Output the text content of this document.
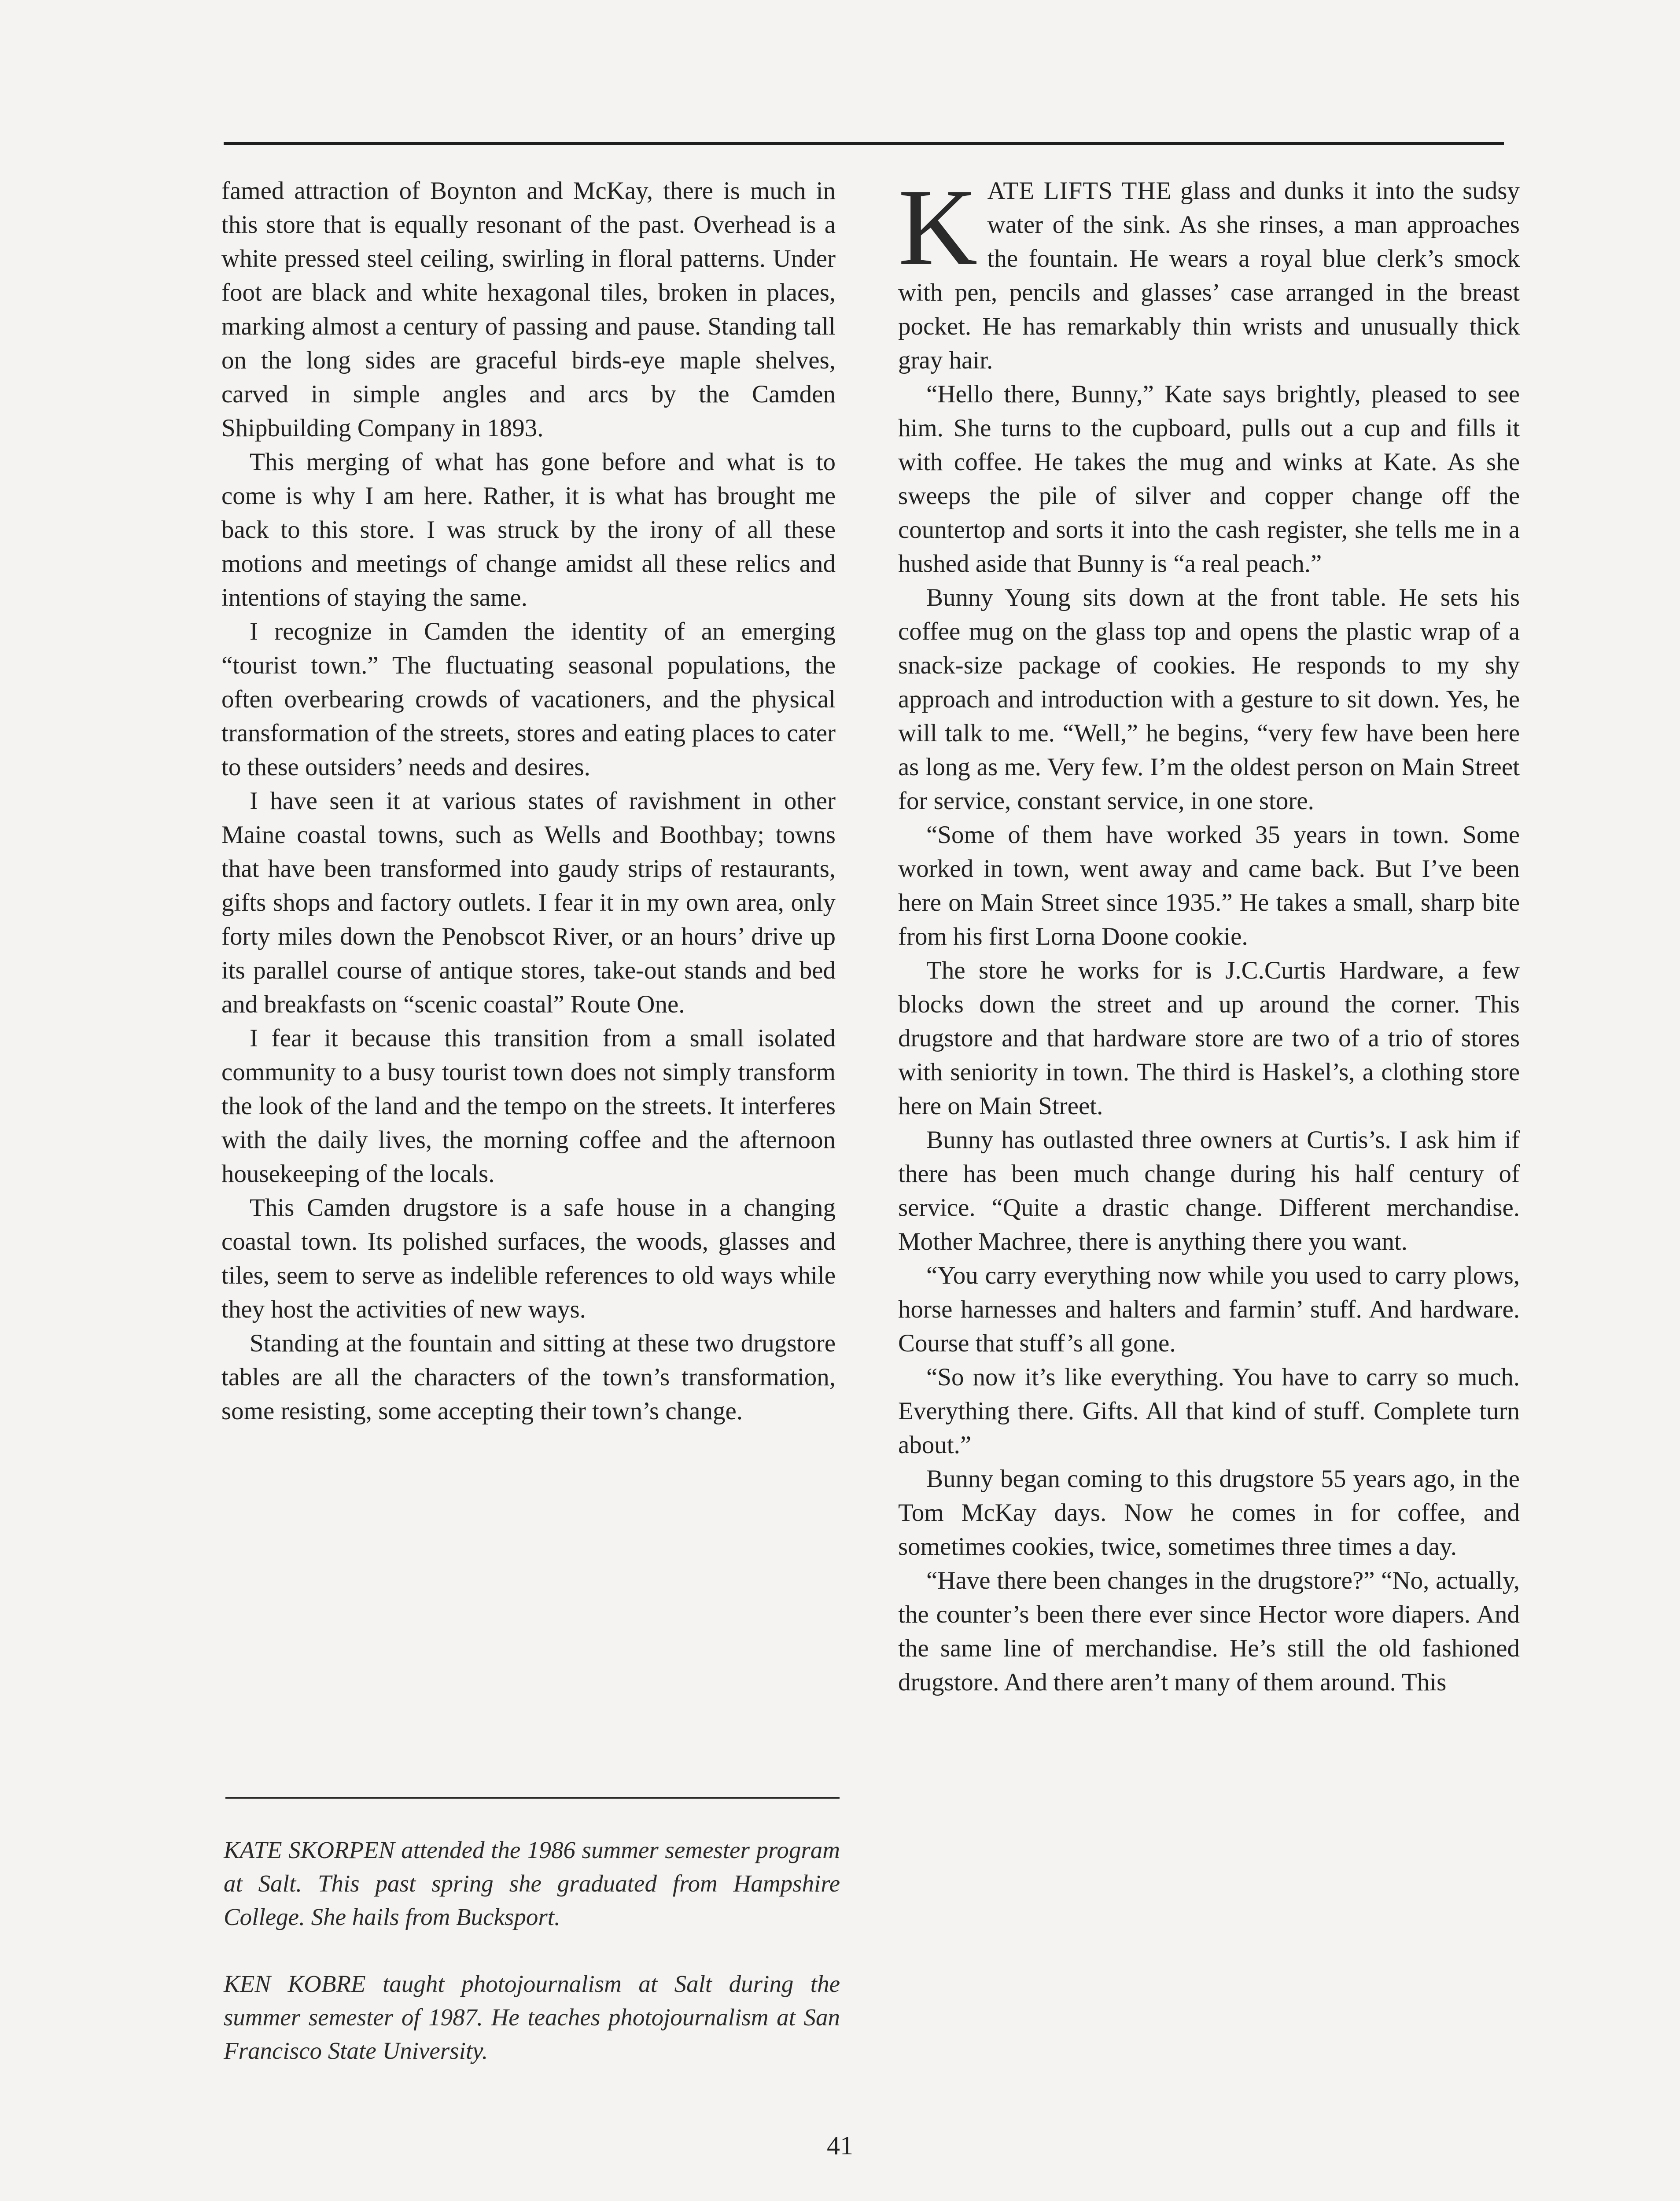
famed attraction of Boynton and McKay, there is much in this store that is equally resonant of the past. Overhead is a white pressed steel ceiling, swirling in floral patterns. Under foot are black and white hexagonal tiles, broken in places, marking almost a century of passing and pause. Standing tall on the long sides are graceful birds-eye maple shelves, carved in simple angles and arcs by the Camden Shipbuilding Company in 1893.

This merging of what has gone before and what is to come is why I am here. Rather, it is what has brought me back to this store. I was struck by the irony of all these motions and meetings of change amidst all these relics and intentions of staying the same.

I recognize in Camden the identity of an emerging “tourist town.” The fluctuating seasonal populations, the often overbearing crowds of vacationers, and the physical transformation of the streets, stores and eating places to cater to these outsiders’ needs and desires.

I have seen it at various states of ravishment in other Maine coastal towns, such as Wells and Boothbay; towns that have been transformed into gaudy strips of restaurants, gifts shops and factory outlets. I fear it in my own area, only forty miles down the Penobscot River, or an hours’ drive up its parallel course of antique stores, take-out stands and bed and breakfasts on “scenic coastal” Route One.

I fear it because this transition from a small isolated community to a busy tourist town does not simply transform the look of the land and the tempo on the streets. It interferes with the daily lives, the morning coffee and the afternoon housekeeping of the locals.

This Camden drugstore is a safe house in a changing coastal town. Its polished surfaces, the woods, glasses and tiles, seem to serve as indelible references to old ways while they host the activities of new ways.

Standing at the fountain and sitting at these two drugstore tables are all the characters of the town’s transformation, some resisting, some accepting their town’s change.

KATE SKORPEN attended the 1986 summer semester program at Salt. This past spring she graduated from Hampshire College. She hails from Bucksport.

KEN KOBRE taught photojournalism at Salt during the summer semester of 1987. He teaches photojournalism at San Francisco State University.

KATE LIFTS THE glass and dunks it into the sudsy water of the sink. As she rinses, a man approaches the fountain. He wears a royal blue clerk’s smock with pen, pencils and glasses’ case arranged in the breast pocket. He has remarkably thin wrists and unusually thick gray hair.

“Hello there, Bunny,” Kate says brightly, pleased to see him. She turns to the cupboard, pulls out a cup and fills it with coffee. He takes the mug and winks at Kate. As she sweeps the pile of silver and copper change off the countertop and sorts it into the cash register, she tells me in a hushed aside that Bunny is “a real peach.”

Bunny Young sits down at the front table. He sets his coffee mug on the glass top and opens the plastic wrap of a snack-size package of cookies. He responds to my shy approach and introduction with a gesture to sit down. Yes, he will talk to me. “Well,” he begins, “very few have been here as long as me. Very few. I’m the oldest person on Main Street for service, constant service, in one store.

“Some of them have worked 35 years in town. Some worked in town, went away and came back. But I’ve been here on Main Street since 1935.” He takes a small, sharp bite from his first Lorna Doone cookie.

The store he works for is J.C.Curtis Hardware, a few blocks down the street and up around the corner. This drugstore and that hardware store are two of a trio of stores with seniority in town. The third is Haskel’s, a clothing store here on Main Street.

Bunny has outlasted three owners at Curtis’s. I ask him if there has been much change during his half century of service. “Quite a drastic change. Different merchandise. Mother Machree, there is anything there you want.

“You carry everything now while you used to carry plows, horse harnesses and halters and farmin’ stuff. And hardware. Course that stuff’s all gone.

“So now it’s like everything. You have to carry so much. Everything there. Gifts. All that kind of stuff. Complete turn about.”

Bunny began coming to this drugstore 55 years ago, in the Tom McKay days. Now he comes in for coffee, and sometimes cookies, twice, sometimes three times a day.

“Have there been changes in the drugstore?” “No, actually, the counter’s been there ever since Hector wore diapers. And the same line of merchandise. He’s still the old fashioned drugstore. And there aren’t many of them around. This

41
